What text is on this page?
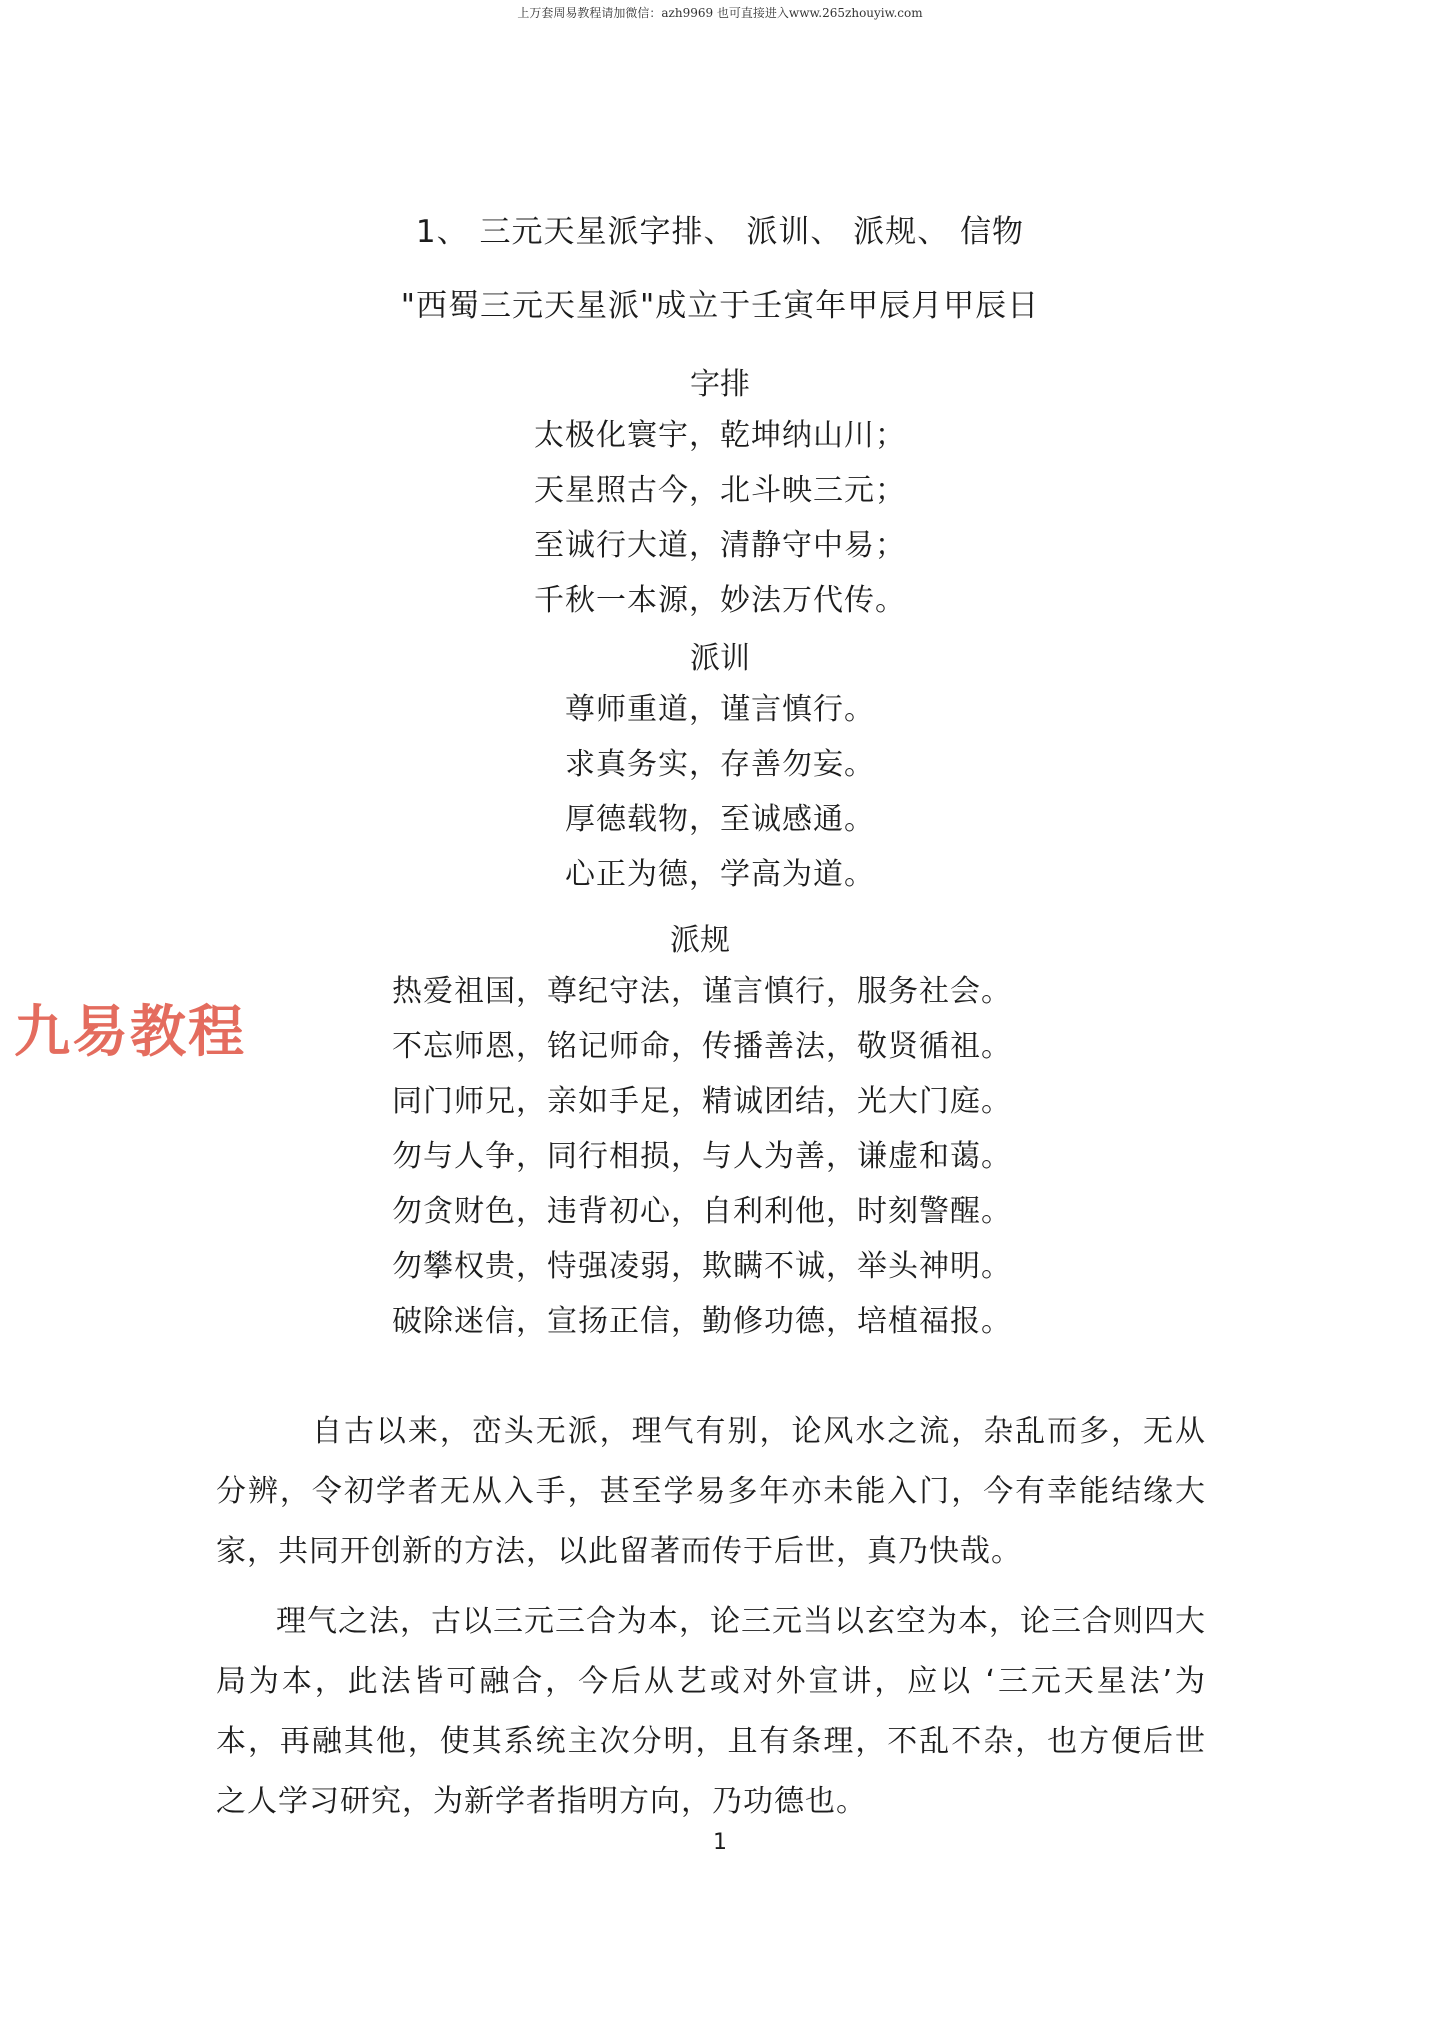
上万套周易教程请加微信：azh9969 也可直接进入www.265zhouyiw.com
1、 三元天星派字排、 派训、 派规、 信物
"西蜀三元天星派"成立于壬寅年甲辰月甲辰日

字排

太极化寰宇，乾坤纳山川；

天星照古今，北斗映三元；

至诚行大道，清静守中易；

千秋一本源，妙法万代传。

派训

尊师重道，谨言慎行。

求真务实，存善勿妄。

厚德载物，至诚感通。

心正为德，学高为道。

派规

热爱祖国，尊纪守法，谨言慎行，服务社会。

不忘师恩，铭记师命，传播善法，敬贤循祖。

同门师兄，亲如手足，精诚团结，光大门庭。

勿与人争，同行相损，与人为善，谦虚和蔼。

勿贪财色，违背初心，自利利他，时刻警醒。

勿攀权贵，恃强凌弱，欺瞒不诚，举头神明。

破除迷信，宣扬正信，勤修功德，培植福报。

九易教程

自古以来，峦头无派，理气有别，论风水之流，杂乱而多，无从分辨，令初学者无从入手，甚至学易多年亦未能入门，今有幸能结缘大家，共同开创新的方法，以此留著而传于后世，真乃快哉。

理气之法，古以三元三合为本，论三元当以玄空为本，论三合则四大局为本，此法皆可融合，今后从艺或对外宣讲，应以 ‘三元天星法’为本，再融其他，使其系统主次分明，且有条理，不乱不杂，也方便后世之人学习研究，为新学者指明方向，乃功德也。

1
